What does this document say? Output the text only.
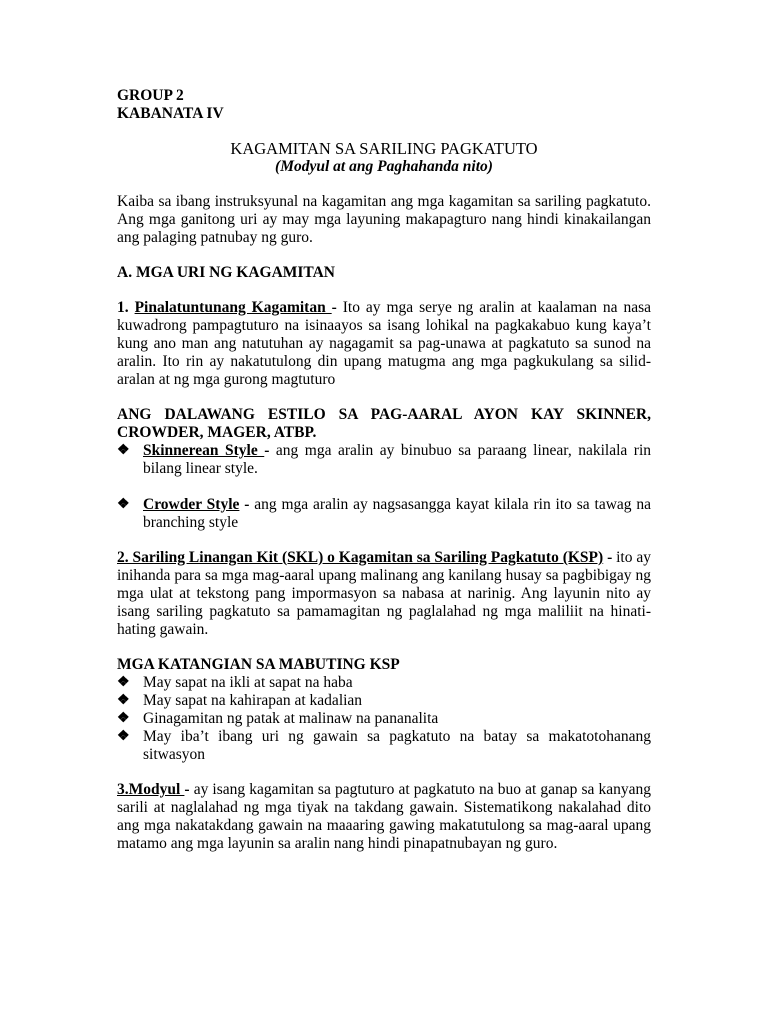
GROUP 2

KABANATA IV

KAGAMITAN SA SARILING PAGKATUTO

(Modyul at ang Paghahanda nito)

Kaiba sa ibang instruksyunal na kagamitan ang mga kagamitan sa sariling pagkatuto. Ang mga ganitong uri ay may mga layuning makapagturo nang hindi kinakailangan ang palaging patnubay ng guro.

A. MGA URI NG KAGAMITAN

1. Pinalatuntunang Kagamitan - Ito ay mga serye ng aralin at kaalaman na nasa kuwadrong pampagtuturo na isinaayos sa isang lohikal na pagkakabuo kung kaya’t kung ano man ang natutuhan ay nagagamit sa pag-unawa at pagkatuto sa sunod na aralin. Ito rin ay nakatutulong din upang matugma ang mga pagkukulang sa silid-aralan at ng mga gurong magtuturo

ANG DALAWANG ESTILO SA PAG-AARAL AYON KAY SKINNER, CROWDER, MAGER, ATBP.

❖ Skinnerean Style - ang mga aralin ay binubuo sa paraang linear, nakilala rin bilang linear style.
❖ Crowder Style - ang mga aralin ay nagsasangga kayat kilala rin ito sa tawag na branching style

2. Sariling Linangan Kit (SKL) o Kagamitan sa Sariling Pagkatuto (KSP) - ito ay inihanda para sa mga mag-aaral upang malinang ang kanilang husay sa pagbibigay ng mga ulat at tekstong pang impormasyon sa nabasa at narinig. Ang layunin nito ay isang sariling pagkatuto sa pamamagitan ng paglalahad ng mga maliliit na hinati-hating gawain.

MGA KATANGIAN SA MABUTING KSP

❖ May sapat na ikli at sapat na haba
❖ May sapat na kahirapan at kadalian
❖ Ginagamitan ng patak at malinaw na pananalita
❖ May iba’t ibang uri ng gawain sa pagkatuto na batay sa makatotohanang sitwasyon

3.Modyul - ay isang kagamitan sa pagtuturo at pagkatuto na buo at ganap sa kanyang sarili at naglalahad ng mga tiyak na takdang gawain. Sistematikong nakalahad dito ang mga nakatakdang gawain na maaaring gawing makatutulong sa mag-aaral upang matamo ang mga layunin sa aralin nang hindi pinapatnubayan ng guro.
